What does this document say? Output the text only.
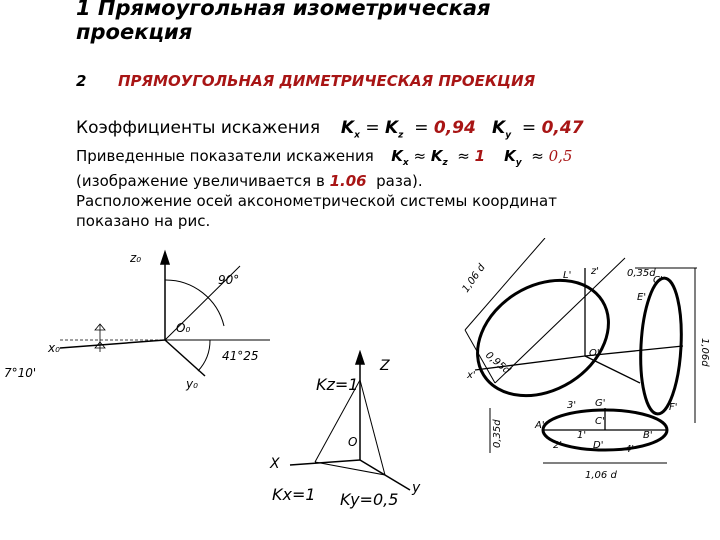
1 Прямоугольная изометрическая
проекция
2 ПРЯМОУГОЛЬНАЯ ДИМЕТРИЧЕСКАЯ ПРОЕКЦИЯ
Коэффициенты искажения $K_x = K_z = 0,94$ $K_y = 0,47$
Приведенные показатели искажения $K_x \approx K_z \approx 1$ $K_y \approx 0,5$
(изображение увеличивается в 1.06 раза).
Расположение осей аксонометрической системы координат
показано на рис.
z₀
x₀
y₀
O₀
90°
41°25
7°10'	Z
Kz=1
O
X
Kx=1 Ky=0,5
y
1,06 d
0,95d
0,35d
1,06d
0,35d
1,06 d
z'
L'
x'
O'
E'
F'
C'
3' G'
A'
B'
4'
C'
1'
D'
2'
